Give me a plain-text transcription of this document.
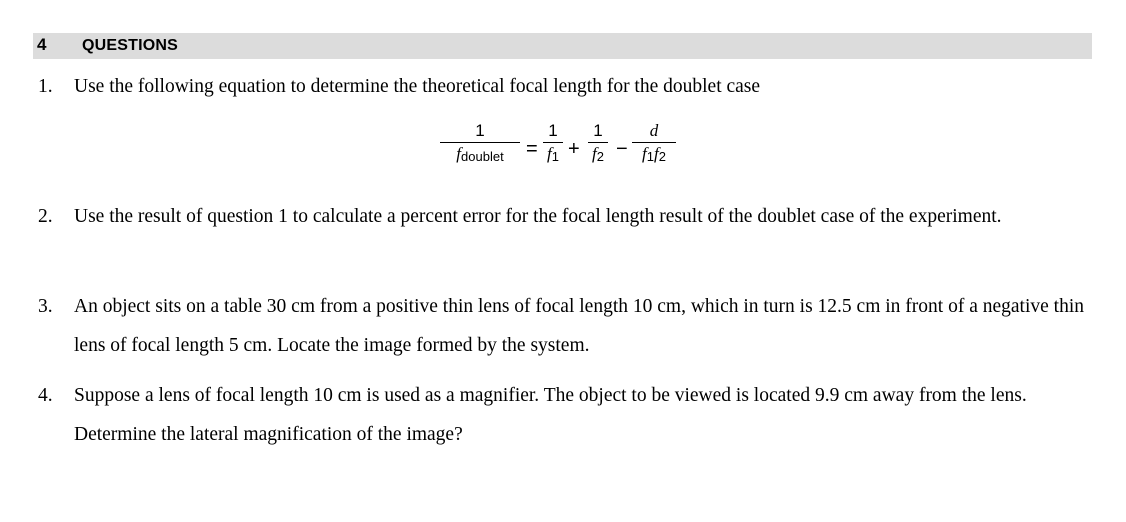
4 QUESTIONS
1. Use the following equation to determine the theoretical focal length for the doublet case
1
fdoublet	=
1
f1 +
1
f2 −
d
f1f2
2. Use the result of question 1 to calculate a percent error for the focal length result of the doublet case of the experiment.
3. An object sits on a table 30 cm from a positive thin lens of focal length 10 cm, which in turn is 12.5 cm in front of a negative thin lens of focal length 5 cm. Locate the image formed by the system.
4. Suppose a lens of focal length 10 cm is used as a magnifier. The object to be viewed is located 9.9 cm away from the lens. Determine the lateral magnification of the image?
